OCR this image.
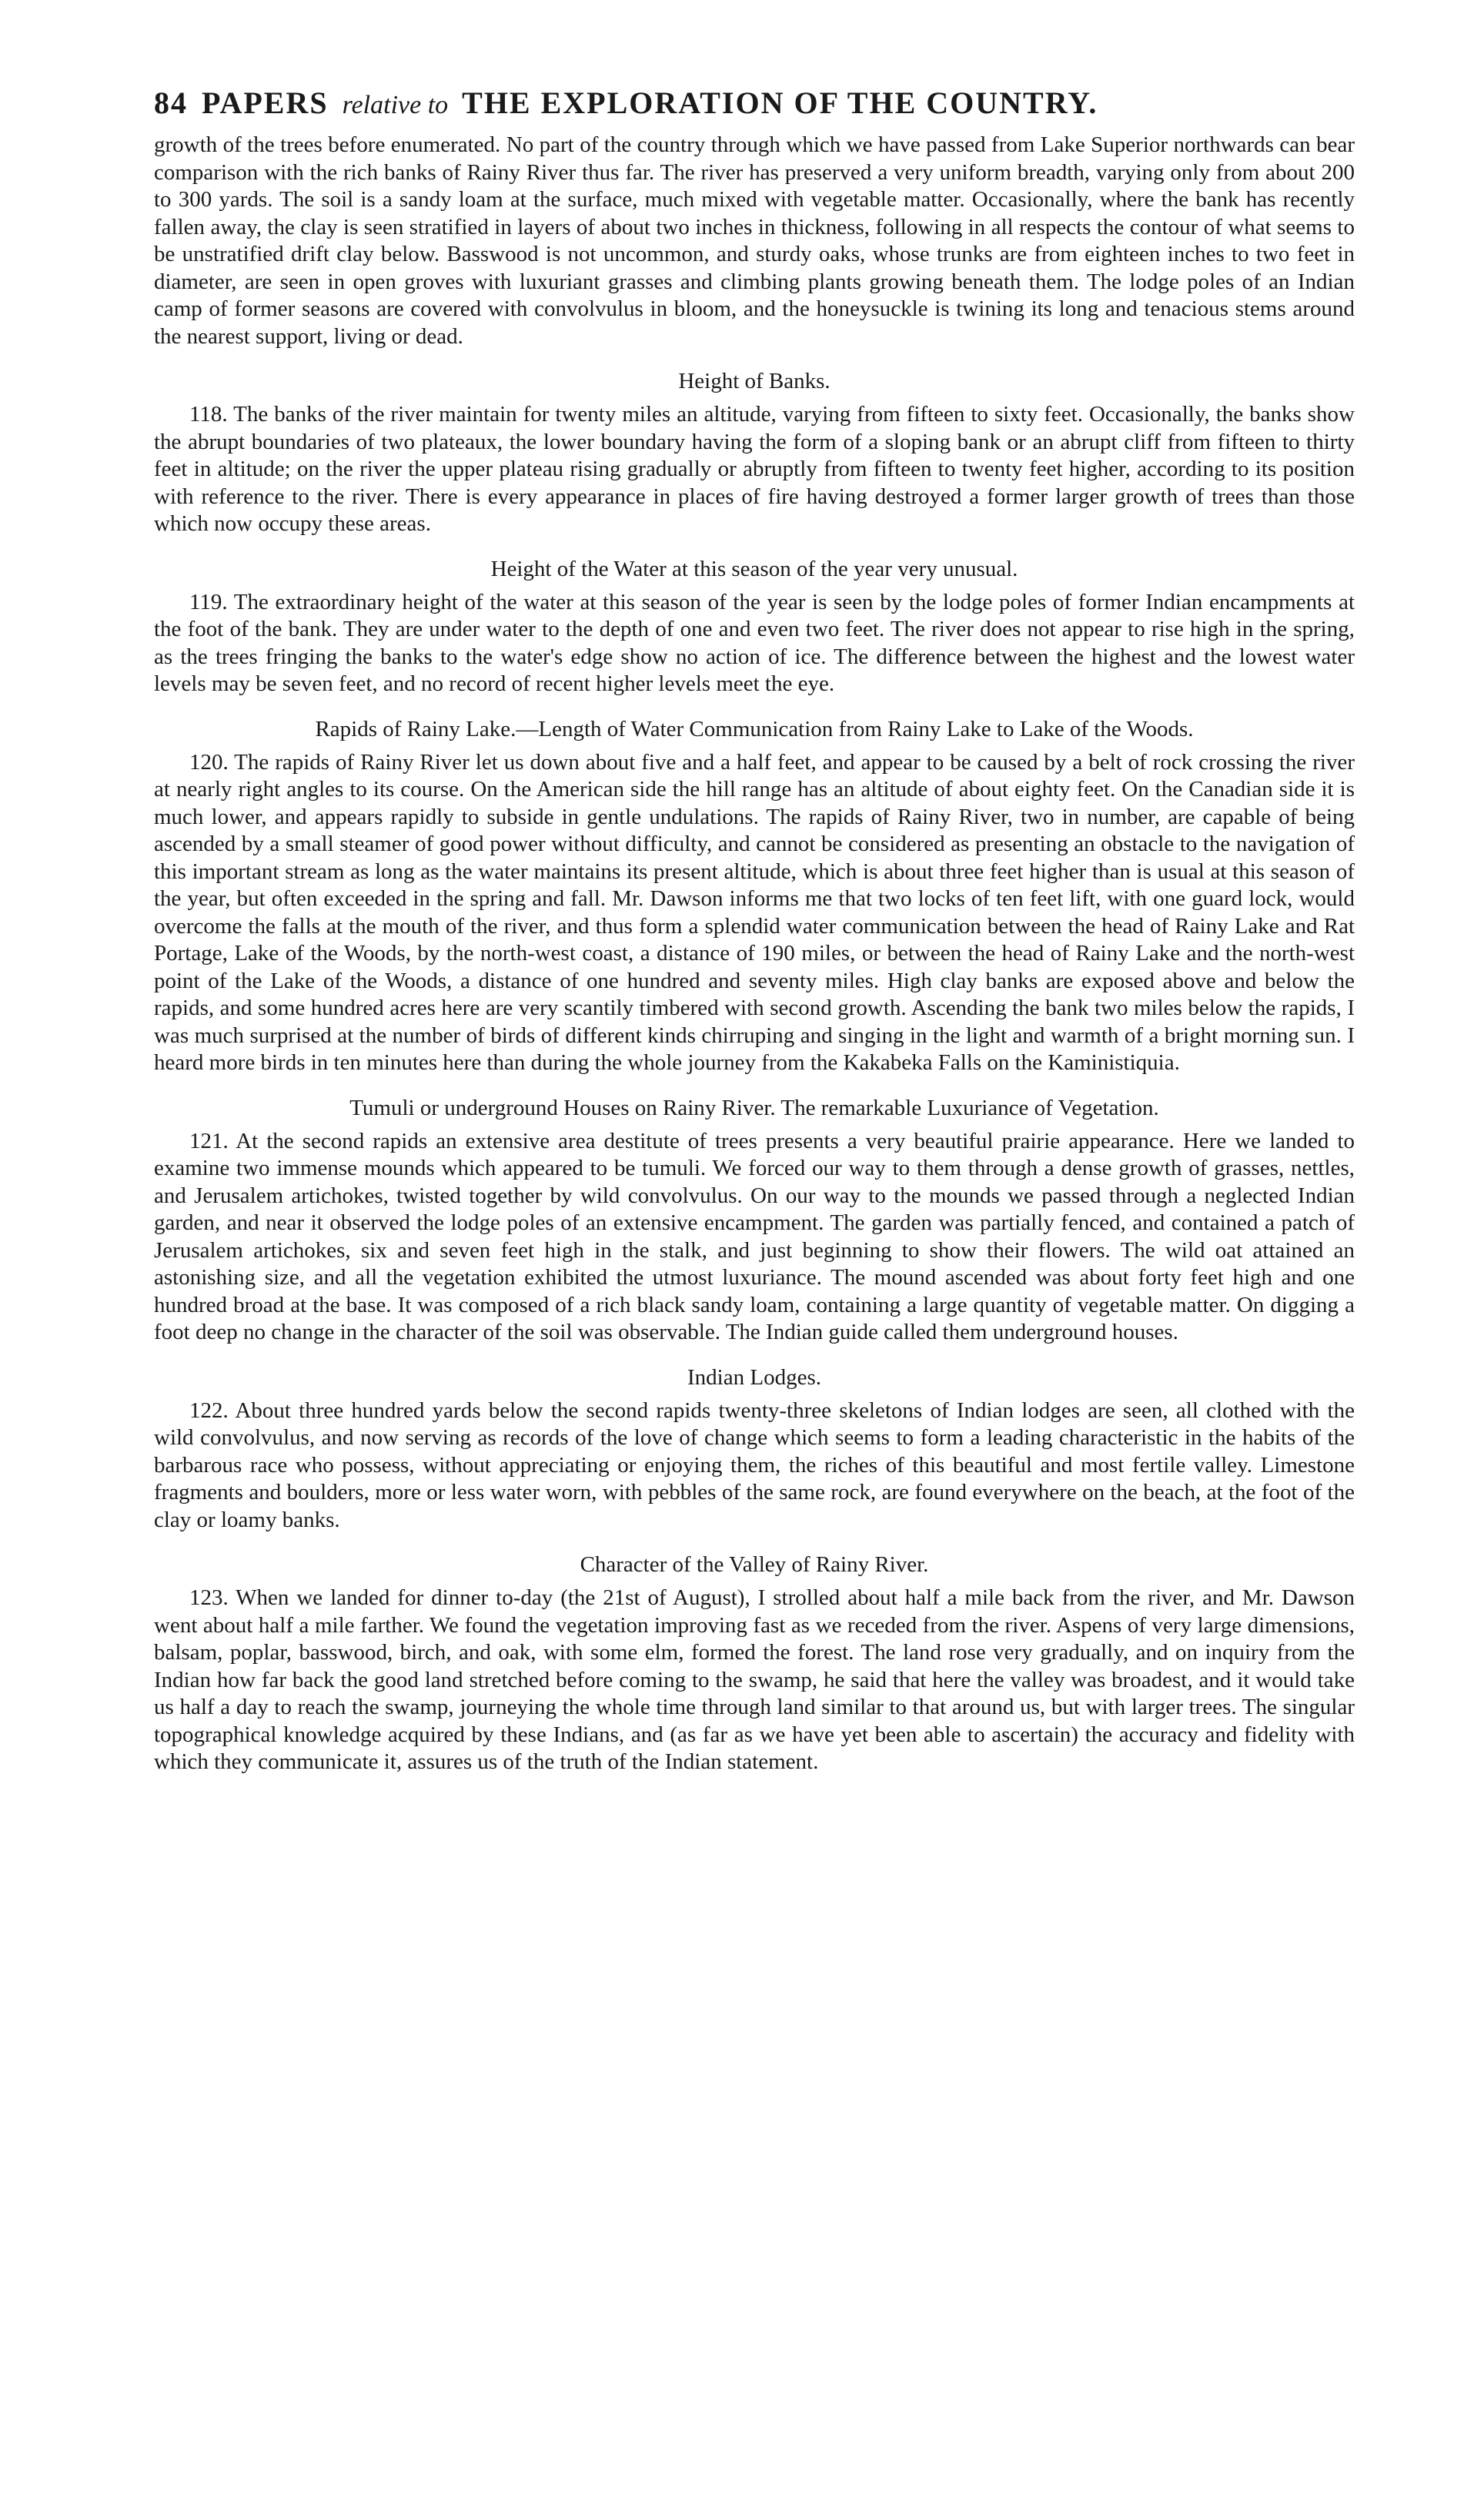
84 PAPERS relative to THE EXPLORATION OF THE COUNTRY.

growth of the trees before enumerated. No part of the country through which we have passed from Lake Superior northwards can bear comparison with the rich banks of Rainy River thus far. The river has preserved a very uniform breadth, varying only from about 200 to 300 yards. The soil is a sandy loam at the surface, much mixed with vegetable matter. Occasionally, where the bank has recently fallen away, the clay is seen stratified in layers of about two inches in thickness, following in all respects the contour of what seems to be unstratified drift clay below. Basswood is not uncommon, and sturdy oaks, whose trunks are from eighteen inches to two feet in diameter, are seen in open groves with luxuriant grasses and climbing plants growing beneath them. The lodge poles of an Indian camp of former seasons are covered with convolvulus in bloom, and the honeysuckle is twining its long and tenacious stems around the nearest support, living or dead.

Height of Banks.

118. The banks of the river maintain for twenty miles an altitude, varying from fifteen to sixty feet. Occasionally, the banks show the abrupt boundaries of two plateaux, the lower boundary having the form of a sloping bank or an abrupt cliff from fifteen to thirty feet in altitude; on the river the upper plateau rising gradually or abruptly from fifteen to twenty feet higher, according to its position with reference to the river. There is every appearance in places of fire having destroyed a former larger growth of trees than those which now occupy these areas.

Height of the Water at this season of the year very unusual.

119. The extraordinary height of the water at this season of the year is seen by the lodge poles of former Indian encampments at the foot of the bank. They are under water to the depth of one and even two feet. The river does not appear to rise high in the spring, as the trees fringing the banks to the water's edge show no action of ice. The difference between the highest and the lowest water levels may be seven feet, and no record of recent higher levels meet the eye.

Rapids of Rainy Lake.—Length of Water Communication from Rainy Lake to Lake of the Woods.

120. The rapids of Rainy River let us down about five and a half feet, and appear to be caused by a belt of rock crossing the river at nearly right angles to its course. On the American side the hill range has an altitude of about eighty feet. On the Canadian side it is much lower, and appears rapidly to subside in gentle undulations. The rapids of Rainy River, two in number, are capable of being ascended by a small steamer of good power without difficulty, and cannot be considered as presenting an obstacle to the navigation of this important stream as long as the water maintains its present altitude, which is about three feet higher than is usual at this season of the year, but often exceeded in the spring and fall. Mr. Dawson informs me that two locks of ten feet lift, with one guard lock, would overcome the falls at the mouth of the river, and thus form a splendid water communication between the head of Rainy Lake and Rat Portage, Lake of the Woods, by the north-west coast, a distance of 190 miles, or between the head of Rainy Lake and the north-west point of the Lake of the Woods, a distance of one hundred and seventy miles. High clay banks are exposed above and below the rapids, and some hundred acres here are very scantily timbered with second growth. Ascending the bank two miles below the rapids, I was much surprised at the number of birds of different kinds chirruping and singing in the light and warmth of a bright morning sun. I heard more birds in ten minutes here than during the whole journey from the Kakabeka Falls on the Kaministiquia.

Tumuli or underground Houses on Rainy River. The remarkable Luxuriance of Vegetation.

121. At the second rapids an extensive area destitute of trees presents a very beautiful prairie appearance. Here we landed to examine two immense mounds which appeared to be tumuli. We forced our way to them through a dense growth of grasses, nettles, and Jerusalem artichokes, twisted together by wild convolvulus. On our way to the mounds we passed through a neglected Indian garden, and near it observed the lodge poles of an extensive encampment. The garden was partially fenced, and contained a patch of Jerusalem artichokes, six and seven feet high in the stalk, and just beginning to show their flowers. The wild oat attained an astonishing size, and all the vegetation exhibited the utmost luxuriance. The mound ascended was about forty feet high and one hundred broad at the base. It was composed of a rich black sandy loam, containing a large quantity of vegetable matter. On digging a foot deep no change in the character of the soil was observable. The Indian guide called them underground houses.

Indian Lodges.

122. About three hundred yards below the second rapids twenty-three skeletons of Indian lodges are seen, all clothed with the wild convolvulus, and now serving as records of the love of change which seems to form a leading characteristic in the habits of the barbarous race who possess, without appreciating or enjoying them, the riches of this beautiful and most fertile valley. Limestone fragments and boulders, more or less water worn, with pebbles of the same rock, are found everywhere on the beach, at the foot of the clay or loamy banks.

Character of the Valley of Rainy River.

123. When we landed for dinner to-day (the 21st of August), I strolled about half a mile back from the river, and Mr. Dawson went about half a mile farther. We found the vegetation improving fast as we receded from the river. Aspens of very large dimensions, balsam, poplar, basswood, birch, and oak, with some elm, formed the forest. The land rose very gradually, and on inquiry from the Indian how far back the good land stretched before coming to the swamp, he said that here the valley was broadest, and it would take us half a day to reach the swamp, journeying the whole time through land similar to that around us, but with larger trees. The singular topographical knowledge acquired by these Indians, and (as far as we have yet been able to ascertain) the accuracy and fidelity with which they communicate it, assures us of the truth of the Indian statement.
